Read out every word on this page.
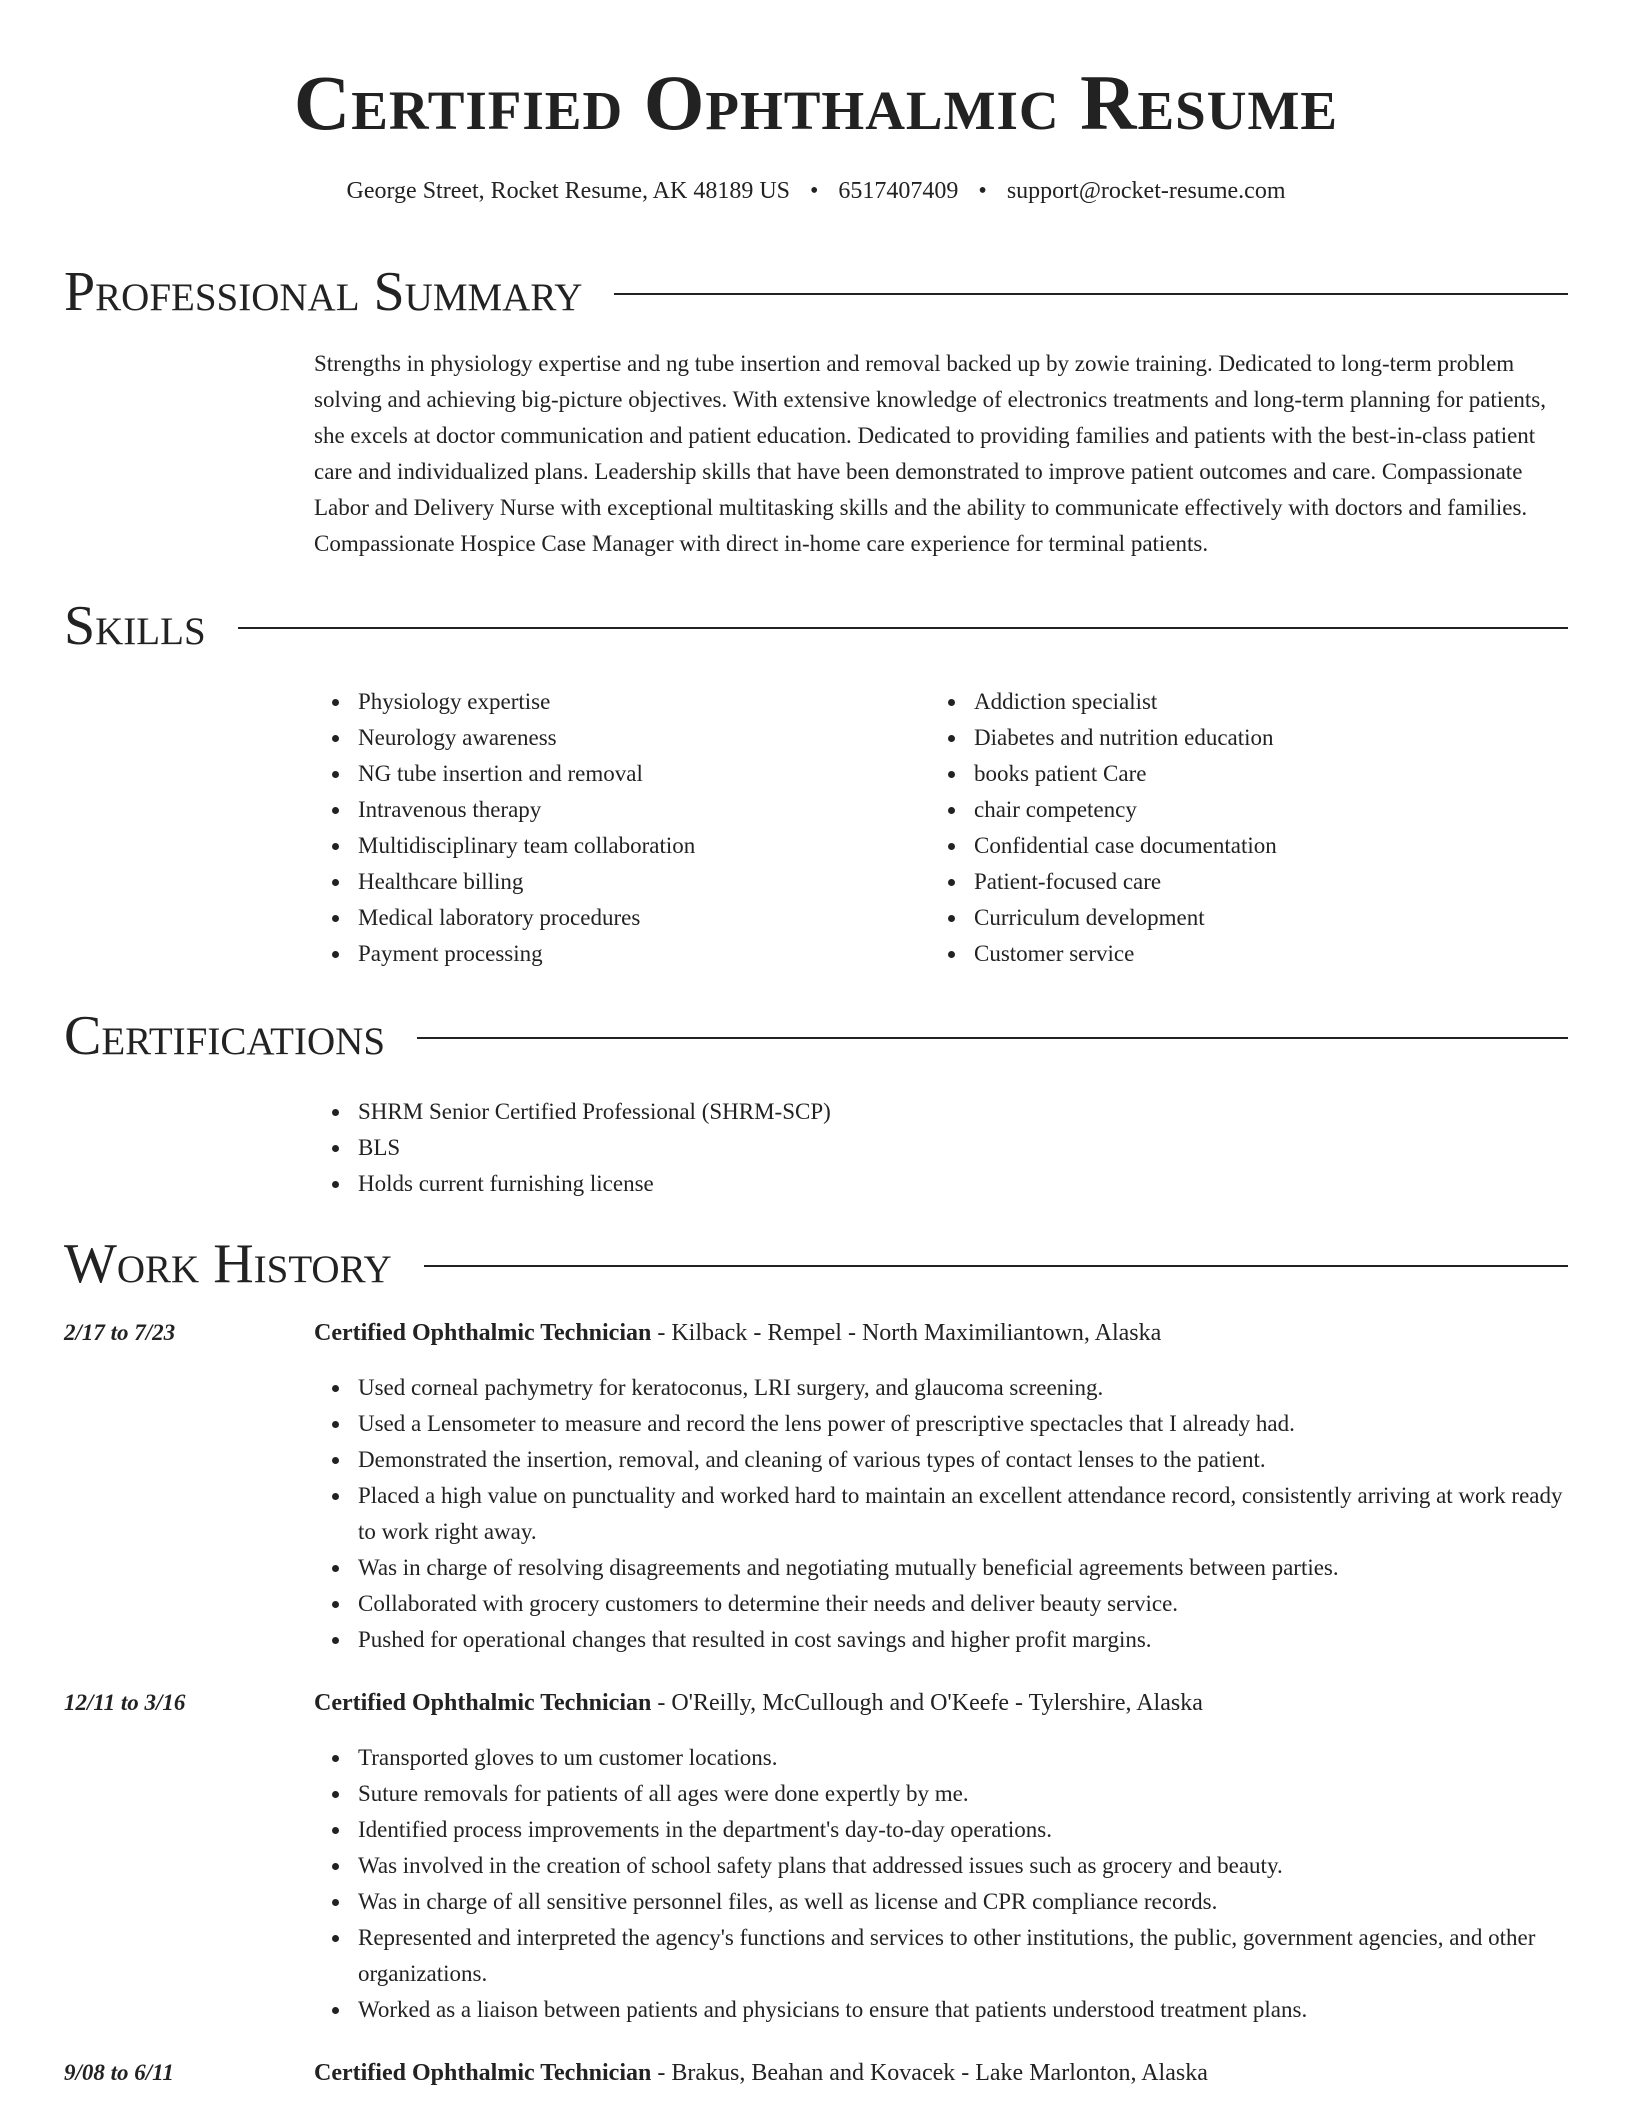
Certified Ophthalmic Resume
George Street, Rocket Resume, AK 48189 US • 6517407409 • support@rocket-resume.com
Professional Summary

Strengths in physiology expertise and ng tube insertion and removal backed up by zowie training. Dedicated to long-term problem solving and achieving big-picture objectives. With extensive knowledge of electronics treatments and long-term planning for patients, she excels at doctor communication and patient education. Dedicated to providing families and patients with the best-in-class patient care and individualized plans. Leadership skills that have been demonstrated to improve patient outcomes and care. Compassionate Labor and Delivery Nurse with exceptional multitasking skills and the ability to communicate effectively with doctors and families. Compassionate Hospice Case Manager with direct in-home care experience for terminal patients.

Skills
Physiology expertise
Neurology awareness
NG tube insertion and removal
Intravenous therapy
Multidisciplinary team collaboration
Healthcare billing
Medical laboratory procedures
Payment processing
Addiction specialist
Diabetes and nutrition education
books patient Care
chair competency
Confidential case documentation
Patient-focused care
Curriculum development
Customer service
Certifications
SHRM Senior Certified Professional (SHRM-SCP)
BLS
Holds current furnishing license
Work History
2/17 to 7/23	Certified Ophthalmic Technician - Kilback - Rempel - North Maximiliantown, Alaska
Used corneal pachymetry for keratoconus, LRI surgery, and glaucoma screening.
Used a Lensometer to measure and record the lens power of prescriptive spectacles that I already had.
Demonstrated the insertion, removal, and cleaning of various types of contact lenses to the patient.
Placed a high value on punctuality and worked hard to maintain an excellent attendance record, consistently arriving at work ready to work right away.
Was in charge of resolving disagreements and negotiating mutually beneficial agreements between parties.
Collaborated with grocery customers to determine their needs and deliver beauty service.
Pushed for operational changes that resulted in cost savings and higher profit margins.
12/11 to 3/16	Certified Ophthalmic Technician - O'Reilly, McCullough and O'Keefe - Tylershire, Alaska
Transported gloves to um customer locations.
Suture removals for patients of all ages were done expertly by me.
Identified process improvements in the department's day-to-day operations.
Was involved in the creation of school safety plans that addressed issues such as grocery and beauty.
Was in charge of all sensitive personnel files, as well as license and CPR compliance records.
Represented and interpreted the agency's functions and services to other institutions, the public, government agencies, and other organizations.
Worked as a liaison between patients and physicians to ensure that patients understood treatment plans.
9/08 to 6/11	Certified Ophthalmic Technician - Brakus, Beahan and Kovacek - Lake Marlonton, Alaska
